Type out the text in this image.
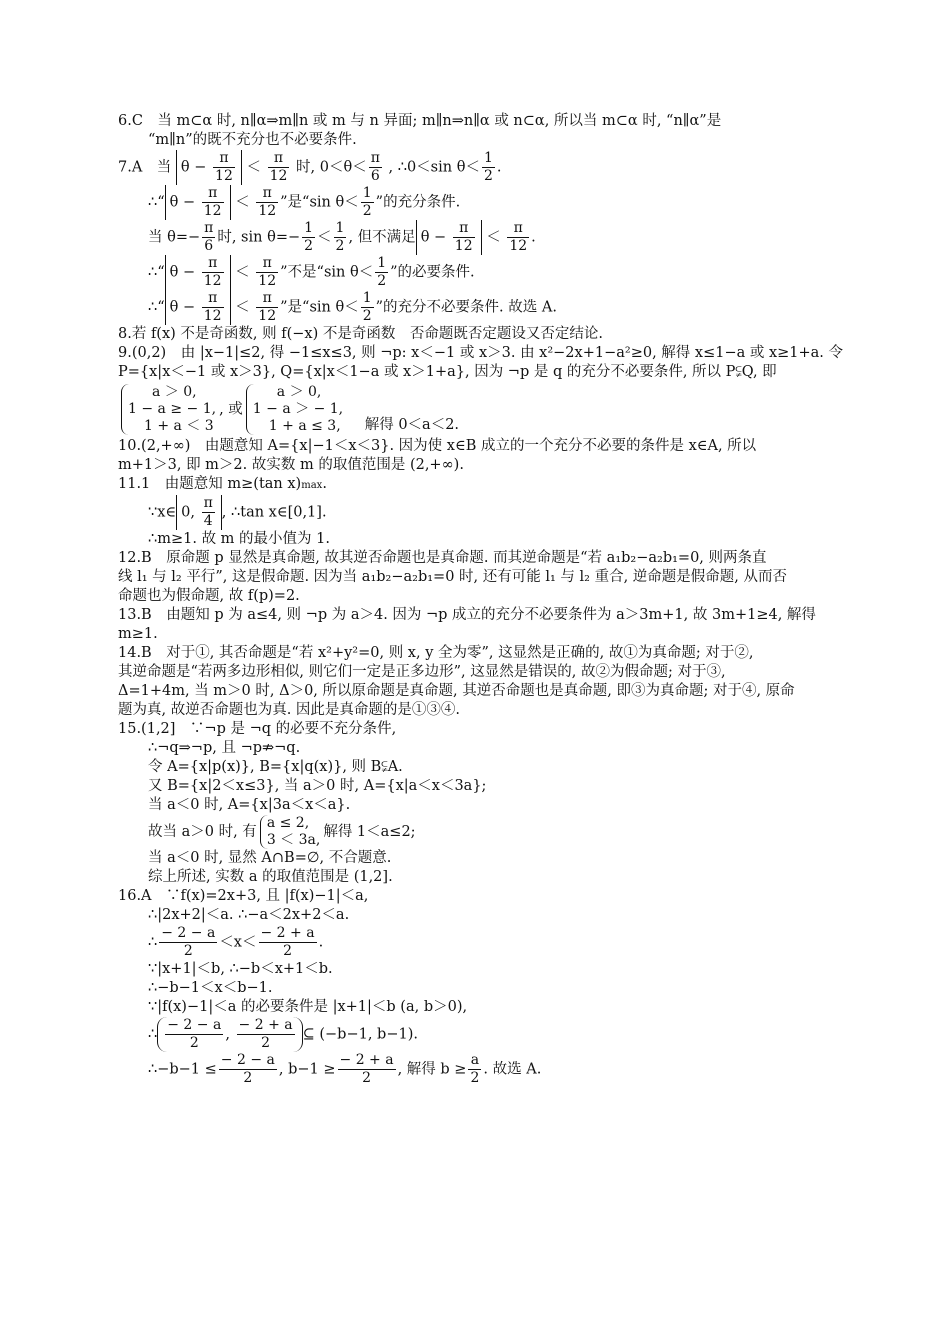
6.C　当 m⊂α 时, n∥α⇒m∥n 或 m 与 n 异面; m∥n⇒n∥α 或 n⊂α, 所以当 m⊂α 时, “n∥α”是
“m∥n”的既不充分也不必要条件.
7.A　当 $\theta - \frac{\pi}{12} < \frac{\pi}{12}$ 时, $0<\theta< \frac{\pi}{6}$ , ∴0＜sin $\theta< \frac{1}{2}$ .
∴“ $\theta - \frac{\pi}{12} < \frac{\pi}{12}$ ”是“sin $\theta< \frac{1}{2}$ ”的充分条件.
当 $\theta=- \frac{\pi}{6}$ 时, $\sin \theta=- \frac{1}{2} < \frac{1}{2}$ , 但不满足 $\theta - \frac{\pi}{12} < \frac{\pi}{12}$ .
∴“ $\theta - \frac{\pi}{12} < \frac{\pi}{12}$ ”不是“sin $\theta< \frac{1}{2}$ ”的必要条件.
∴“ $\theta - \frac{\pi}{12} < \frac{\pi}{12}$ ”是“sin $\theta< \frac{1}{2}$ ”的充分不必要条件. 故选 A.
8.若 f(x) 不是奇函数, 则 f(−x) 不是奇函数　否命题既否定题设又否定结论.
9.(0,2)　由 |x−1|≤2, 得 −1≤x≤3, 则 ¬p: x＜−1 或 x＞3. 由 x²−2x+1−a²≥0, 解得 x≤1−a 或 x≥1+a. 令
P={x|x＜−1 或 x＞3}, Q={x|x＜1−a 或 x＞1+a}, 因为 ¬p 是 q 的充分不必要条件, 所以 P⫋Q, 即
a ＞ 0,
1 − a ≥ − 1,
1 + a ＜ 3
, 或
a ＞ 0,
1 − a ＞ − 1,
1 + a ≤ 3, 解得 0＜a＜2.
10.(2,+∞)　由题意知 A={x|−1＜x＜3}. 因为使 x∈B 成立的一个充分不必要的条件是 x∈A, 所以
m+1＞3, 即 m＞2. 故实数 m 的取值范围是 (2,+∞).
11.1　由题意知 m≥(tan x)max.
∵x∈ 0, $\frac{\pi}{4}$ , ∴tan x∈[0,1].
∴m≥1. 故 m 的最小值为 1.
12.B　原命题 p 显然是真命题, 故其逆否命题也是真命题. 而其逆命题是“若 a₁b₂−a₂b₁=0, 则两条直
线 l₁ 与 l₂ 平行”, 这是假命题. 因为当 a₁b₂−a₂b₁=0 时, 还有可能 l₁ 与 l₂ 重合, 逆命题是假命题, 从而否
命题也为假命题, 故 f(p)=2.
13.B　由题知 p 为 a≤4, 则 ¬p 为 a＞4. 因为 ¬p 成立的充分不必要条件为 a＞3m+1, 故 3m+1≥4, 解得
m≥1.
14.B　对于①, 其否命题是“若 x²+y²=0, 则 x, y 全为零”, 这显然是正确的, 故①为真命题; 对于②,
其逆命题是“若两多边形相似, 则它们一定是正多边形”, 这显然是错误的, 故②为假命题; 对于③,
Δ=1+4m, 当 m＞0 时, Δ＞0, 所以原命题是真命题, 其逆否命题也是真命题, 即③为真命题; 对于④, 原命
题为真, 故逆否命题也为真. 因此是真命题的是①③④.
15.(1,2]　∵¬p 是 ¬q 的必要不充分条件,
∴¬q⇒¬p, 且 ¬p⇏¬q.
令 A={x|p(x)}, B={x|q(x)}, 则 B⫋A.
又 B={x|2＜x≤3}, 当 a＞0 时, A={x|a＜x＜3a};
当 a＜0 时, A={x|3a＜x＜a}.
故当 a＞0 时, 有
a ≤ 2,
3 ＜ 3a, 解得 1＜a≤2;
当 a＜0 时, 显然 A∩B=∅, 不合题意.
综上所述, 实数 a 的取值范围是 (1,2].
16.A　∵f(x)=2x+3, 且 |f(x)−1|＜a,
∴|2x+2|＜a. ∴−a＜2x+2＜a.
∴ $\frac{- 2 - a}{2} <x< \frac{- 2 + a}{2}$ .
∵|x+1|＜b, ∴−b＜x+1＜b.
∴−b−1＜x＜b−1.
∵|f(x)−1|＜a 的必要条件是 |x+1|＜b (a, b＞0),
∴ $\frac{- 2 - a}{2}$ , $\frac{- 2 + a}{2}$ ⊆ (−b−1, b−1).
∴−b−1 ≤ $\frac{- 2 - a}{2}$ , $b-1 \ge \frac{- 2 + a}{2}$ , 解得 $b \ge \frac{a}{2}$ . 故选 A.
